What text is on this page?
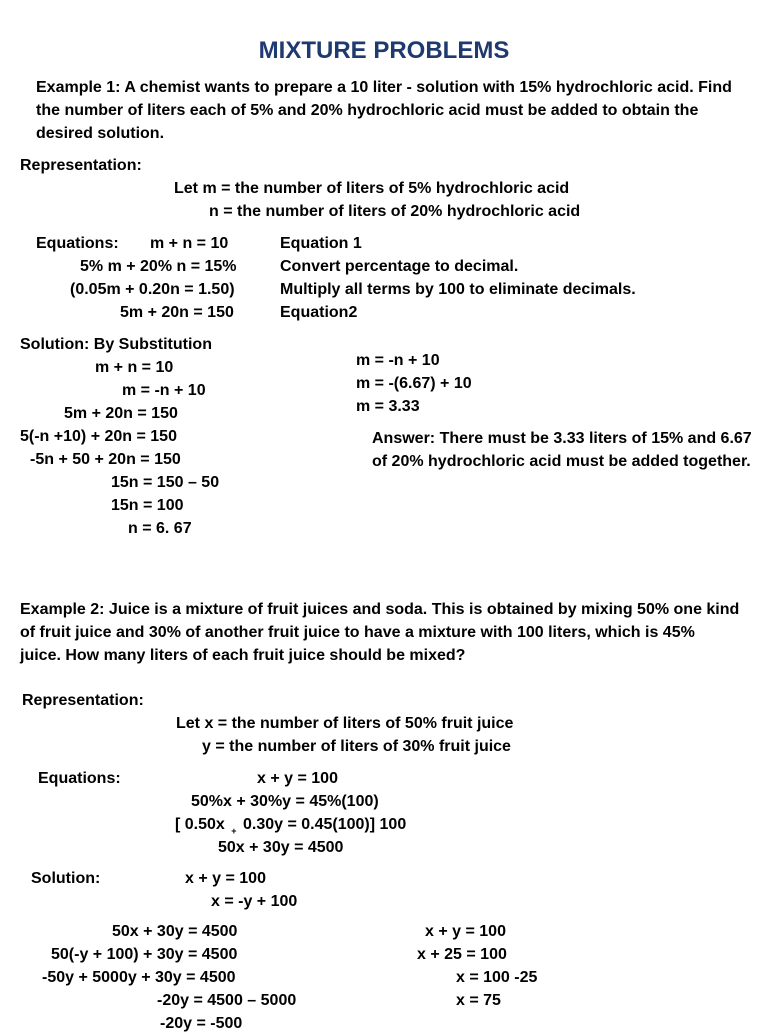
MIXTURE PROBLEMS

Example 1: A chemist wants to prepare a 10 liter - solution with 15% hydrochloric acid. Find the number of liters each of 5% and 20% hydrochloric acid must be added to obtain the desired solution.

Representation:
Let m = the number of liters of 5% hydrochloric acid
n = the number of liters of 20% hydrochloric acid
Equations: m + n = 10
5% m + 20% n = 15%
(0.05m + 0.20n = 1.50)
5m + 20n = 150
Equation 1
Convert percentage to decimal.
Multiply all terms by 100 to eliminate decimals.
Equation2
Solution: By Substitution
m + n = 10
m = -n + 10
5m + 20n = 150
5(-n +10) + 20n = 150
-5n + 50 + 20n = 150
15n = 150 – 50
15n = 100
n = 6. 67
m = -n + 10
m = -(6.67) + 10
m = 3.33

Answer: There must be 3.33 liters of 15% and 6.67 of 20% hydrochloric acid must be added together.

Example 2: Juice is a mixture of fruit juices and soda. This is obtained by mixing 50% one kind of fruit juice and 30% of another fruit juice to have a mixture with 100 liters, which is 45% juice. How many liters of each fruit juice should be mixed?

Representation:
Let x = the number of liters of 50% fruit juice
y = the number of liters of 30% fruit juice
Equations:	x + y = 100
50%x + 30%y = 45%(100)
[ 0.50x $_+$ 0.30y = 0.45(100)] 100
50x + 30y = 4500
Solution:	x + y = 100
x = -y + 100
50x + 30y = 4500
50(-y + 100) + 30y = 4500
-50y + 5000y + 30y = 4500
-20y = 4500 – 5000
-20y = -500
x + y = 100
x + 25 = 100
x = 100 -25
x = 75
